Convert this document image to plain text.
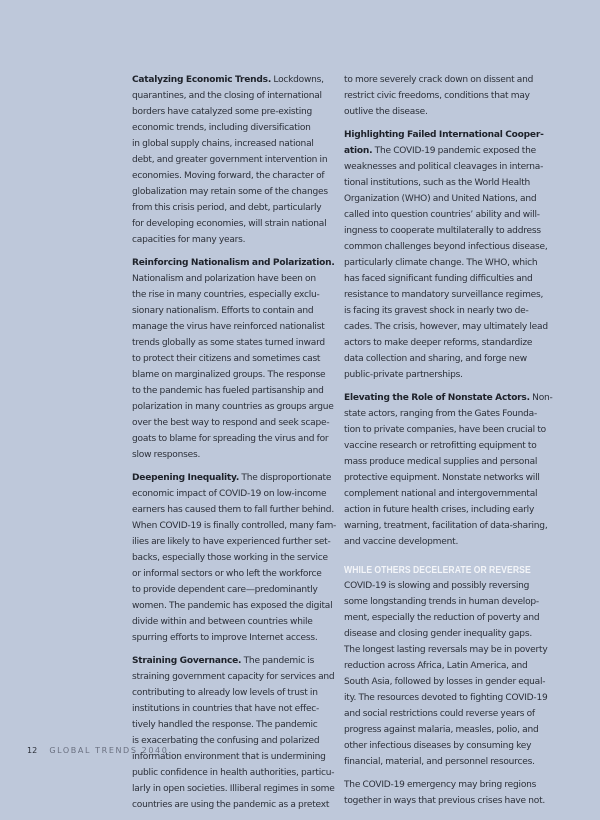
Catalyzing Economic Trends. Lockdowns,
quarantines, and the closing of international
borders have catalyzed some pre-existing
economic trends, including diversification
in global supply chains, increased national
debt, and greater government intervention in
economies. Moving forward, the character of
globalization may retain some of the changes
from this crisis period, and debt, particularly
for developing economies, will strain national
capacities for many years.

Reinforcing Nationalism and Polarization.
Nationalism and polarization have been on
the rise in many countries, especially exclu-
sionary nationalism. Efforts to contain and
manage the virus have reinforced nationalist
trends globally as some states turned inward
to protect their citizens and sometimes cast
blame on marginalized groups. The response
to the pandemic has fueled partisanship and
polarization in many countries as groups argue
over the best way to respond and seek scape-
goats to blame for spreading the virus and for
slow responses.

Deepening Inequality. The disproportionate
economic impact of COVID-19 on low-income
earners has caused them to fall further behind.
When COVID-19 is finally controlled, many fam-
ilies are likely to have experienced further set-
backs, especially those working in the service
or informal sectors or who left the workforce
to provide dependent care—predominantly
women. The pandemic has exposed the digital
divide within and between countries while
spurring efforts to improve Internet access.

Straining Governance. The pandemic is
straining government capacity for services and
contributing to already low levels of trust in
institutions in countries that have not effec-
tively handled the response. The pandemic
is exacerbating the confusing and polarized
information environment that is undermining
public confidence in health authorities, particu-
larly in open societies. Illiberal regimes in some
countries are using the pandemic as a pretext

to more severely crack down on dissent and
restrict civic freedoms, conditions that may
outlive the disease.

Highlighting Failed International Cooper-
ation. The COVID-19 pandemic exposed the
weaknesses and political cleavages in interna-
tional institutions, such as the World Health
Organization (WHO) and United Nations, and
called into question countries’ ability and will-
ingness to cooperate multilaterally to address
common challenges beyond infectious disease,
particularly climate change. The WHO, which
has faced significant funding difficulties and
resistance to mandatory surveillance regimes,
is facing its gravest shock in nearly two de-
cades. The crisis, however, may ultimately lead
actors to make deeper reforms, standardize
data collection and sharing, and forge new
public-private partnerships.

Elevating the Role of Nonstate Actors. Non-
state actors, ranging from the Gates Founda-
tion to private companies, have been crucial to
vaccine research or retrofitting equipment to
mass produce medical supplies and personal
protective equipment. Nonstate networks will
complement national and intergovernmental
action in future health crises, including early
warning, treatment, facilitation of data-sharing,
and vaccine development.

WHILE OTHERS DECELERATE OR REVERSE

COVID-19 is slowing and possibly reversing
some longstanding trends in human develop-
ment, especially the reduction of poverty and
disease and closing gender inequality gaps.
The longest lasting reversals may be in poverty
reduction across Africa, Latin America, and
South Asia, followed by losses in gender equal-
ity. The resources devoted to fighting COVID-19
and social restrictions could reverse years of
progress against malaria, measles, polio, and
other infectious diseases by consuming key
financial, material, and personnel resources.

The COVID-19 emergency may bring regions
together in ways that previous crises have not.

12 GLOBAL TRENDS 2040
